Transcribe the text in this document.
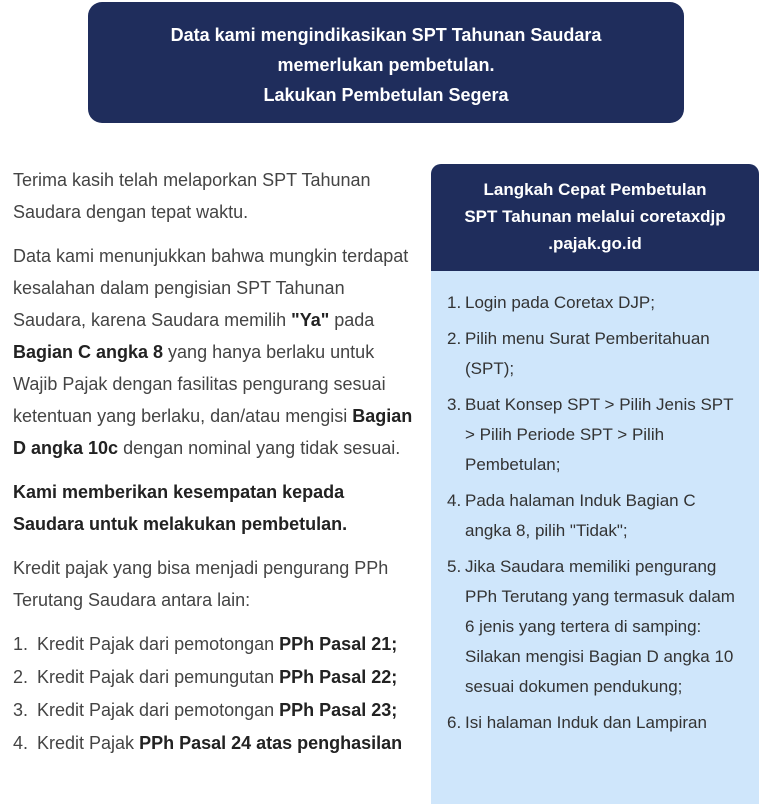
Data kami mengindikasikan SPT Tahunan Saudara
memerlukan pembetulan.
Lakukan Pembetulan Segera

Terima kasih telah melaporkan SPT Tahunan Saudara dengan tepat waktu.

Data kami menunjukkan bahwa mungkin terdapat kesalahan dalam pengisian SPT Tahunan Saudara, karena Saudara memilih "Ya" pada Bagian C angka 8 yang hanya berlaku untuk Wajib Pajak dengan fasilitas pengurang sesuai ketentuan yang berlaku, dan/atau mengisi Bagian D angka 10c dengan nominal yang tidak sesuai.

Kami memberikan kesempatan kepada Saudara untuk melakukan pembetulan.

Kredit pajak yang bisa menjadi pengurang PPh Terutang Saudara antara lain:

1. Kredit Pajak dari pemotongan PPh Pasal 21;
2. Kredit Pajak dari pemungutan PPh Pasal 22;
3. Kredit Pajak dari pemotongan PPh Pasal 23;
4. Kredit Pajak PPh Pasal 24 atas penghasilan
Langkah Cepat Pembetulan
SPT Tahunan melalui coretaxdjp
.pajak.go.id
1. Login pada Coretax DJP;
2. Pilih menu Surat Pemberitahuan (SPT);
3. Buat Konsep SPT > Pilih Jenis SPT > Pilih Periode SPT > Pilih Pembetulan;
4. Pada halaman Induk Bagian C angka 8, pilih "Tidak";
5. Jika Saudara memiliki pengurang PPh Terutang yang termasuk dalam 6 jenis yang tertera di samping: Silakan mengisi Bagian D angka 10 sesuai dokumen pendukung;
6. Isi halaman Induk dan Lampiran
